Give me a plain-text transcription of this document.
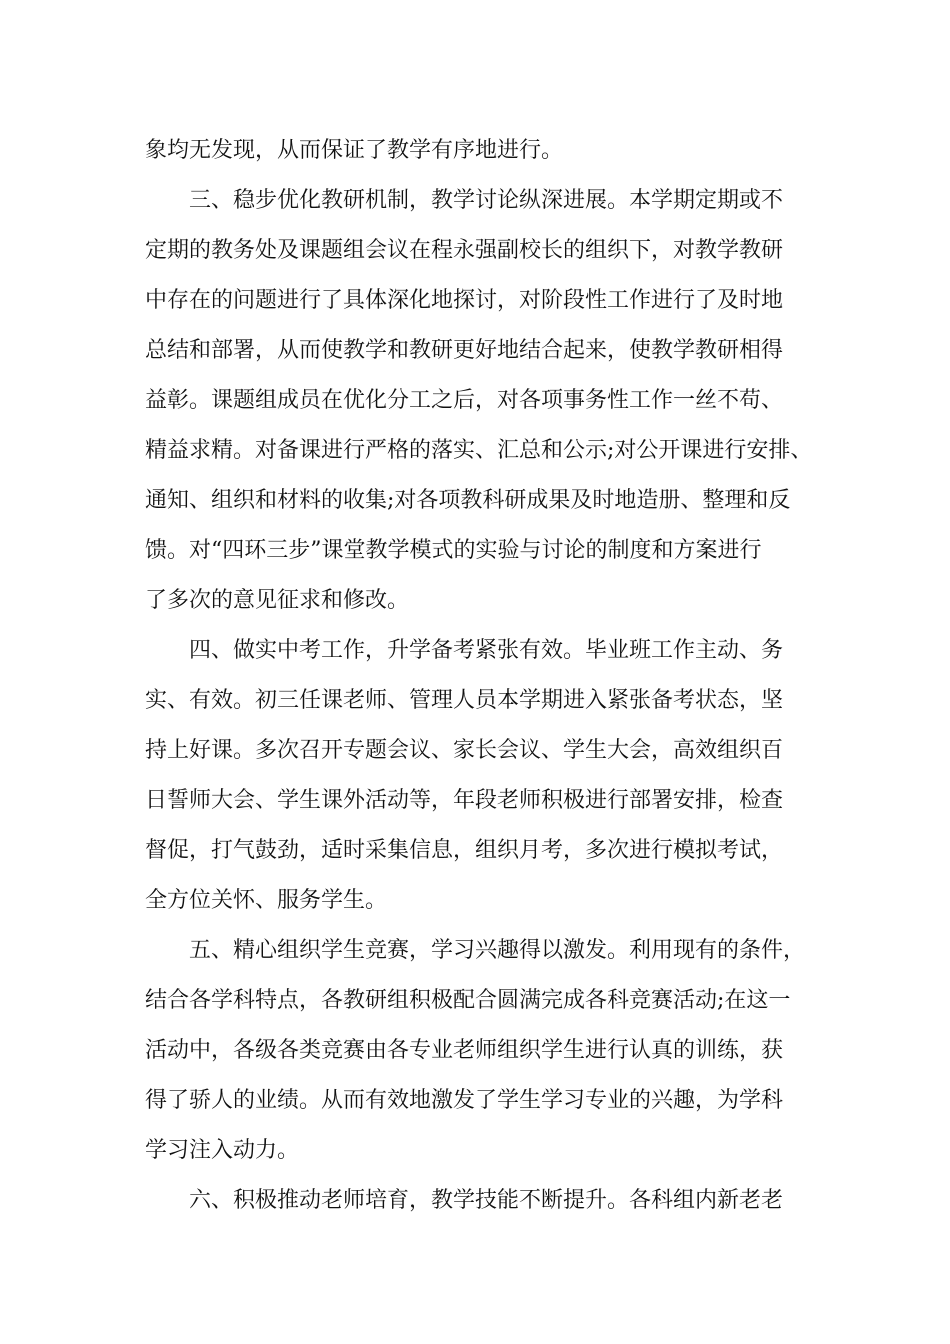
象均无发现，从而保证了教学有序地进行。
　　三、稳步优化教研机制，教学讨论纵深进展。本学期定期或不
定期的教务处及课题组会议在程永强副校长的组织下，对教学教研
中存在的问题进行了具体深化地探讨，对阶段性工作进行了及时地
总结和部署，从而使教学和教研更好地结合起来，使教学教研相得
益彰。课题组成员在优化分工之后，对各项事务性工作一丝不苟、
精益求精。对备课进行严格的落实、汇总和公示;对公开课进行安排、
通知、组织和材料的收集;对各项教科研成果及时地造册、整理和反
馈。对“四环三步”课堂教学模式的实验与讨论的制度和方案进行
了多次的意见征求和修改。
　　四、做实中考工作，升学备考紧张有效。毕业班工作主动、务
实、有效。初三任课老师、管理人员本学期进入紧张备考状态，坚
持上好课。多次召开专题会议、家长会议、学生大会，高效组织百
日誓师大会、学生课外活动等，年段老师积极进行部署安排，检查
督促，打气鼓劲，适时采集信息，组织月考，多次进行模拟考试，
全方位关怀、服务学生。
　　五、精心组织学生竞赛，学习兴趣得以激发。利用现有的条件，
结合各学科特点，各教研组积极配合圆满完成各科竞赛活动;在这一
活动中，各级各类竞赛由各专业老师组织学生进行认真的训练，获
得了骄人的业绩。从而有效地激发了学生学习专业的兴趣，为学科
学习注入动力。
　　六、积极推动老师培育，教学技能不断提升。各科组内新老老
